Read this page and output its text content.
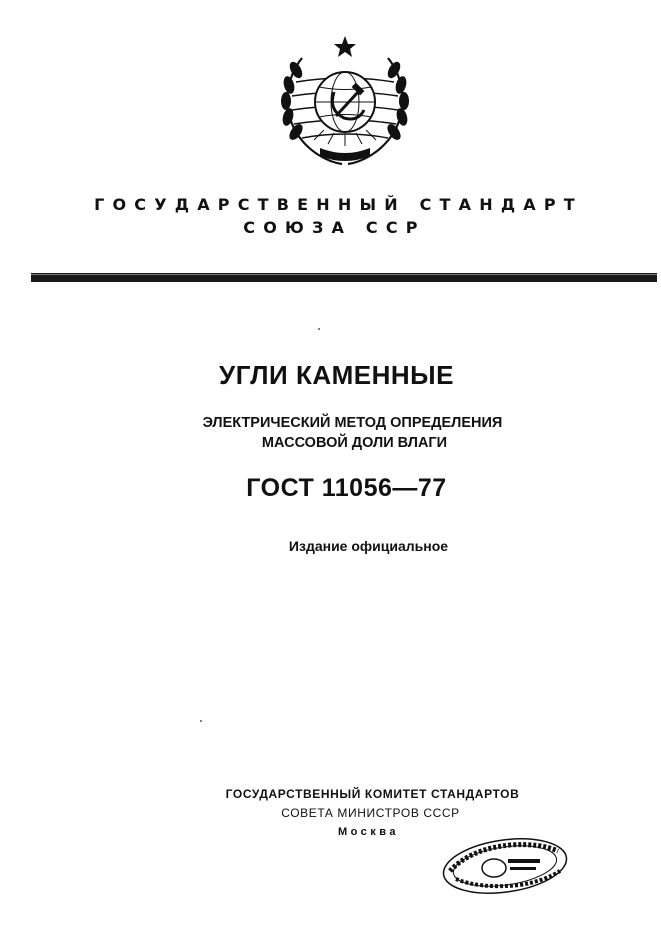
ГОСУДАРСТВЕННЫЙ СТАНДАРТ
СОЮЗА ССР
УГЛИ КАМЕННЫЕ
ЭЛЕКТРИЧЕСКИЙ МЕТОД ОПРЕДЕЛЕНИЯ
МАССОВОЙ ДОЛИ ВЛАГИ
ГОСТ 11056—77
Издание официальное
ГОСУДАРСТВЕННЫЙ КОМИТЕТ СТАНДАРТОВ
СОВЕТА МИНИСТРОВ СССР
Москва
